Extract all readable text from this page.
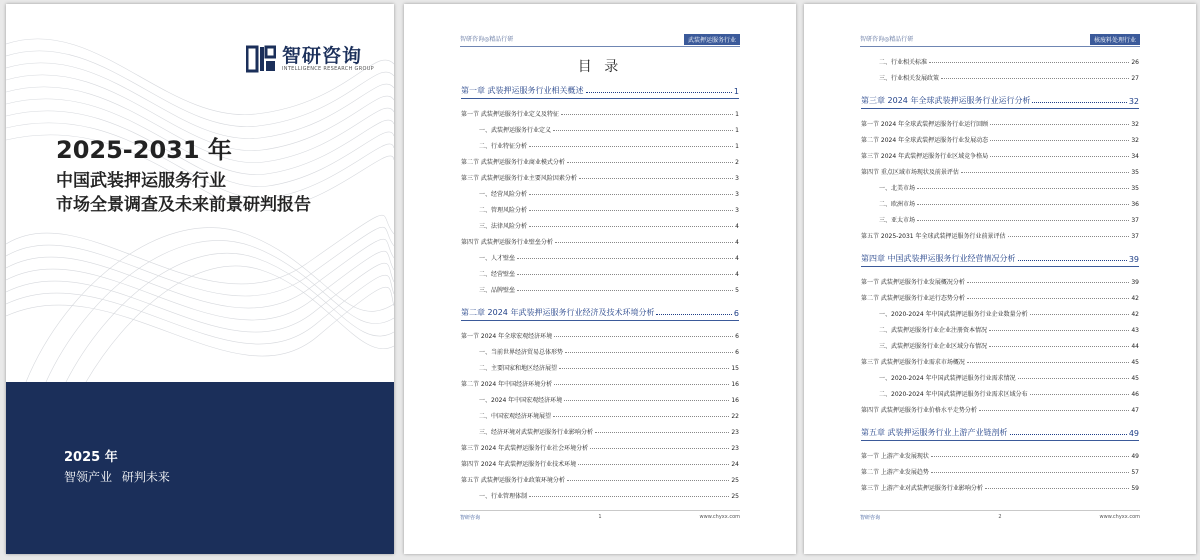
智研咨询
INTELLIGENCE RESEARCH GROUP
2025-2031 年
中国武装押运服务行业
市场全景调查及未来前景研判报告
2025 年
智领产业 研判未来
智研咨询◎精品行研	武装押运服务行业
目 录
第一章 武装押运服务行业相关概述	1
第一节 武装押运服务行业定义及特征	1
一、武装押运服务行业定义	1
二、行业特征分析	1
第二节 武装押运服务行业商业模式分析	2
第三节 武装押运服务行业主要风险因素分析	3
一、经营风险分析	3
二、管理风险分析	3
三、法律风险分析	4
第四节 武装押运服务行业壁垒分析	4
一、人才壁垒	4
二、经营壁垒	4
三、品牌壁垒	5
第二章 2024 年武装押运服务行业经济及技术环境分析	6
第一节 2024 年全球宏观经济环境	6
一、当前世界经济贸易总体形势	6
二、主要国家和地区经济展望	15
第二节 2024 年中国经济环境分析	16
一、2024 年中国宏观经济环境	16
二、中国宏观经济环境展望	22
三、经济环境对武装押运服务行业影响分析	23
第三节 2024 年武装押运服务行业社会环境分析	23
第四节 2024 年武装押运服务行业技术环境	24
第五节 武装押运服务行业政策环境分析	25
一、行业管理体制	25
智研咨询	1	www.chyxx.com
智研咨询◎精品行研	核废料处理行业
二、行业相关标准	26
三、行业相关发展政策	27
第三章 2024 年全球武装押运服务行业运行分析	32
第一节 2024 年全球武装押运服务行业运行回顾	32
第二节 2024 年全球武装押运服务行业发展动态	32
第三节 2024 年武装押运服务行业区域竞争格局	34
第四节 重点区域市场现状及前景评估	35
一、北美市场	35
二、欧洲市场	36
三、亚太市场	37
第五节 2025-2031 年全球武装押运服务行业前景评估	37
第四章 中国武装押运服务行业经营情况分析	39
第一节 武装押运服务行业发展概况分析	39
第二节 武装押运服务行业运行态势分析	42
一、2020-2024 年中国武装押运服务行业企业数量分析	42
二、武装押运服务行业企业注册资本情况	43
三、武装押运服务行业企业区域分布情况	44
第三节 武装押运服务行业需求市场概况	45
一、2020-2024 年中国武装押运服务行业需求情况	45
二、2020-2024 年中国武装押运服务行业需求区域分布	46
第四节 武装押运服务行业价格水平走势分析	47
第五章 武装押运服务行业上游产业链剖析	49
第一节 上游产业发展现状	49
第二节 上游产业发展趋势	57
第三节 上游产业对武装押运服务行业影响分析	59
智研咨询	2	www.chyxx.com
